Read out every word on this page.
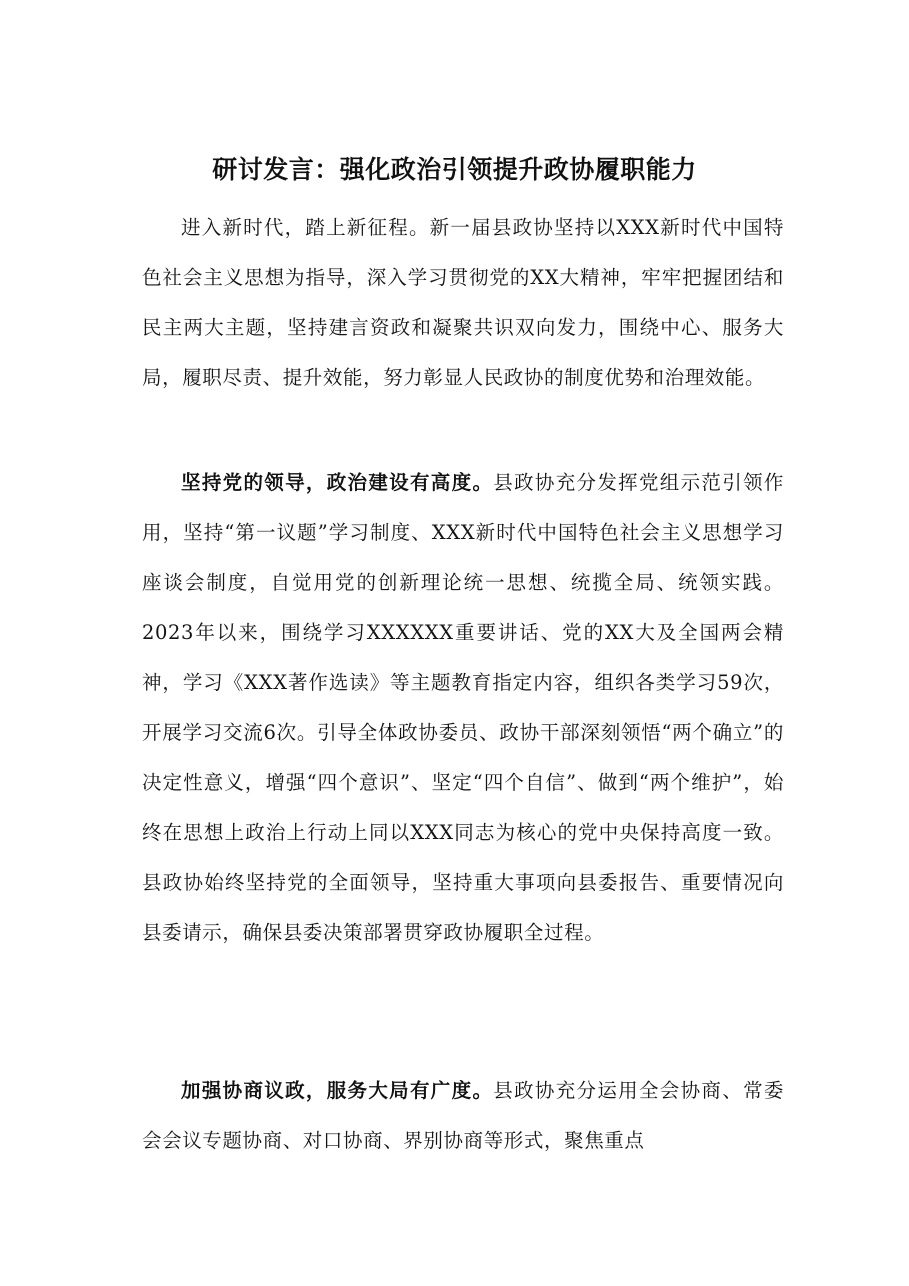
研讨发言：强化政治引领提升政协履职能力

进入新时代，踏上新征程。新一届县政协坚持以XXX新时代中国特色社会主义思想为指导，深入学习贯彻党的XX大精神，牢牢把握团结和民主两大主题，坚持建言资政和凝聚共识双向发力，围绕中心、服务大局，履职尽责、提升效能，努力彰显人民政协的制度优势和治理效能。

坚持党的领导，政治建设有高度。县政协充分发挥党组示范引领作用，坚持“第一议题”学习制度、XXX新时代中国特色社会主义思想学习座谈会制度，自觉用党的创新理论统一思想、统揽全局、统领实践。2023年以来，围绕学习XXXXXX重要讲话、党的XX大及全国两会精神，学习《XXX著作选读》等主题教育指定内容，组织各类学习59次，开展学习交流6次。引导全体政协委员、政协干部深刻领悟“两个确立”的决定性意义，增强“四个意识”、坚定“四个自信”、做到“两个维护”，始终在思想上政治上行动上同以XXX同志为核心的党中央保持高度一致。县政协始终坚持党的全面领导，坚持重大事项向县委报告、重要情况向县委请示，确保县委决策部署贯穿政协履职全过程。

加强协商议政，服务大局有广度。县政协充分运用全会协商、常委会会议专题协商、对口协商、界别协商等形式，聚焦重点
